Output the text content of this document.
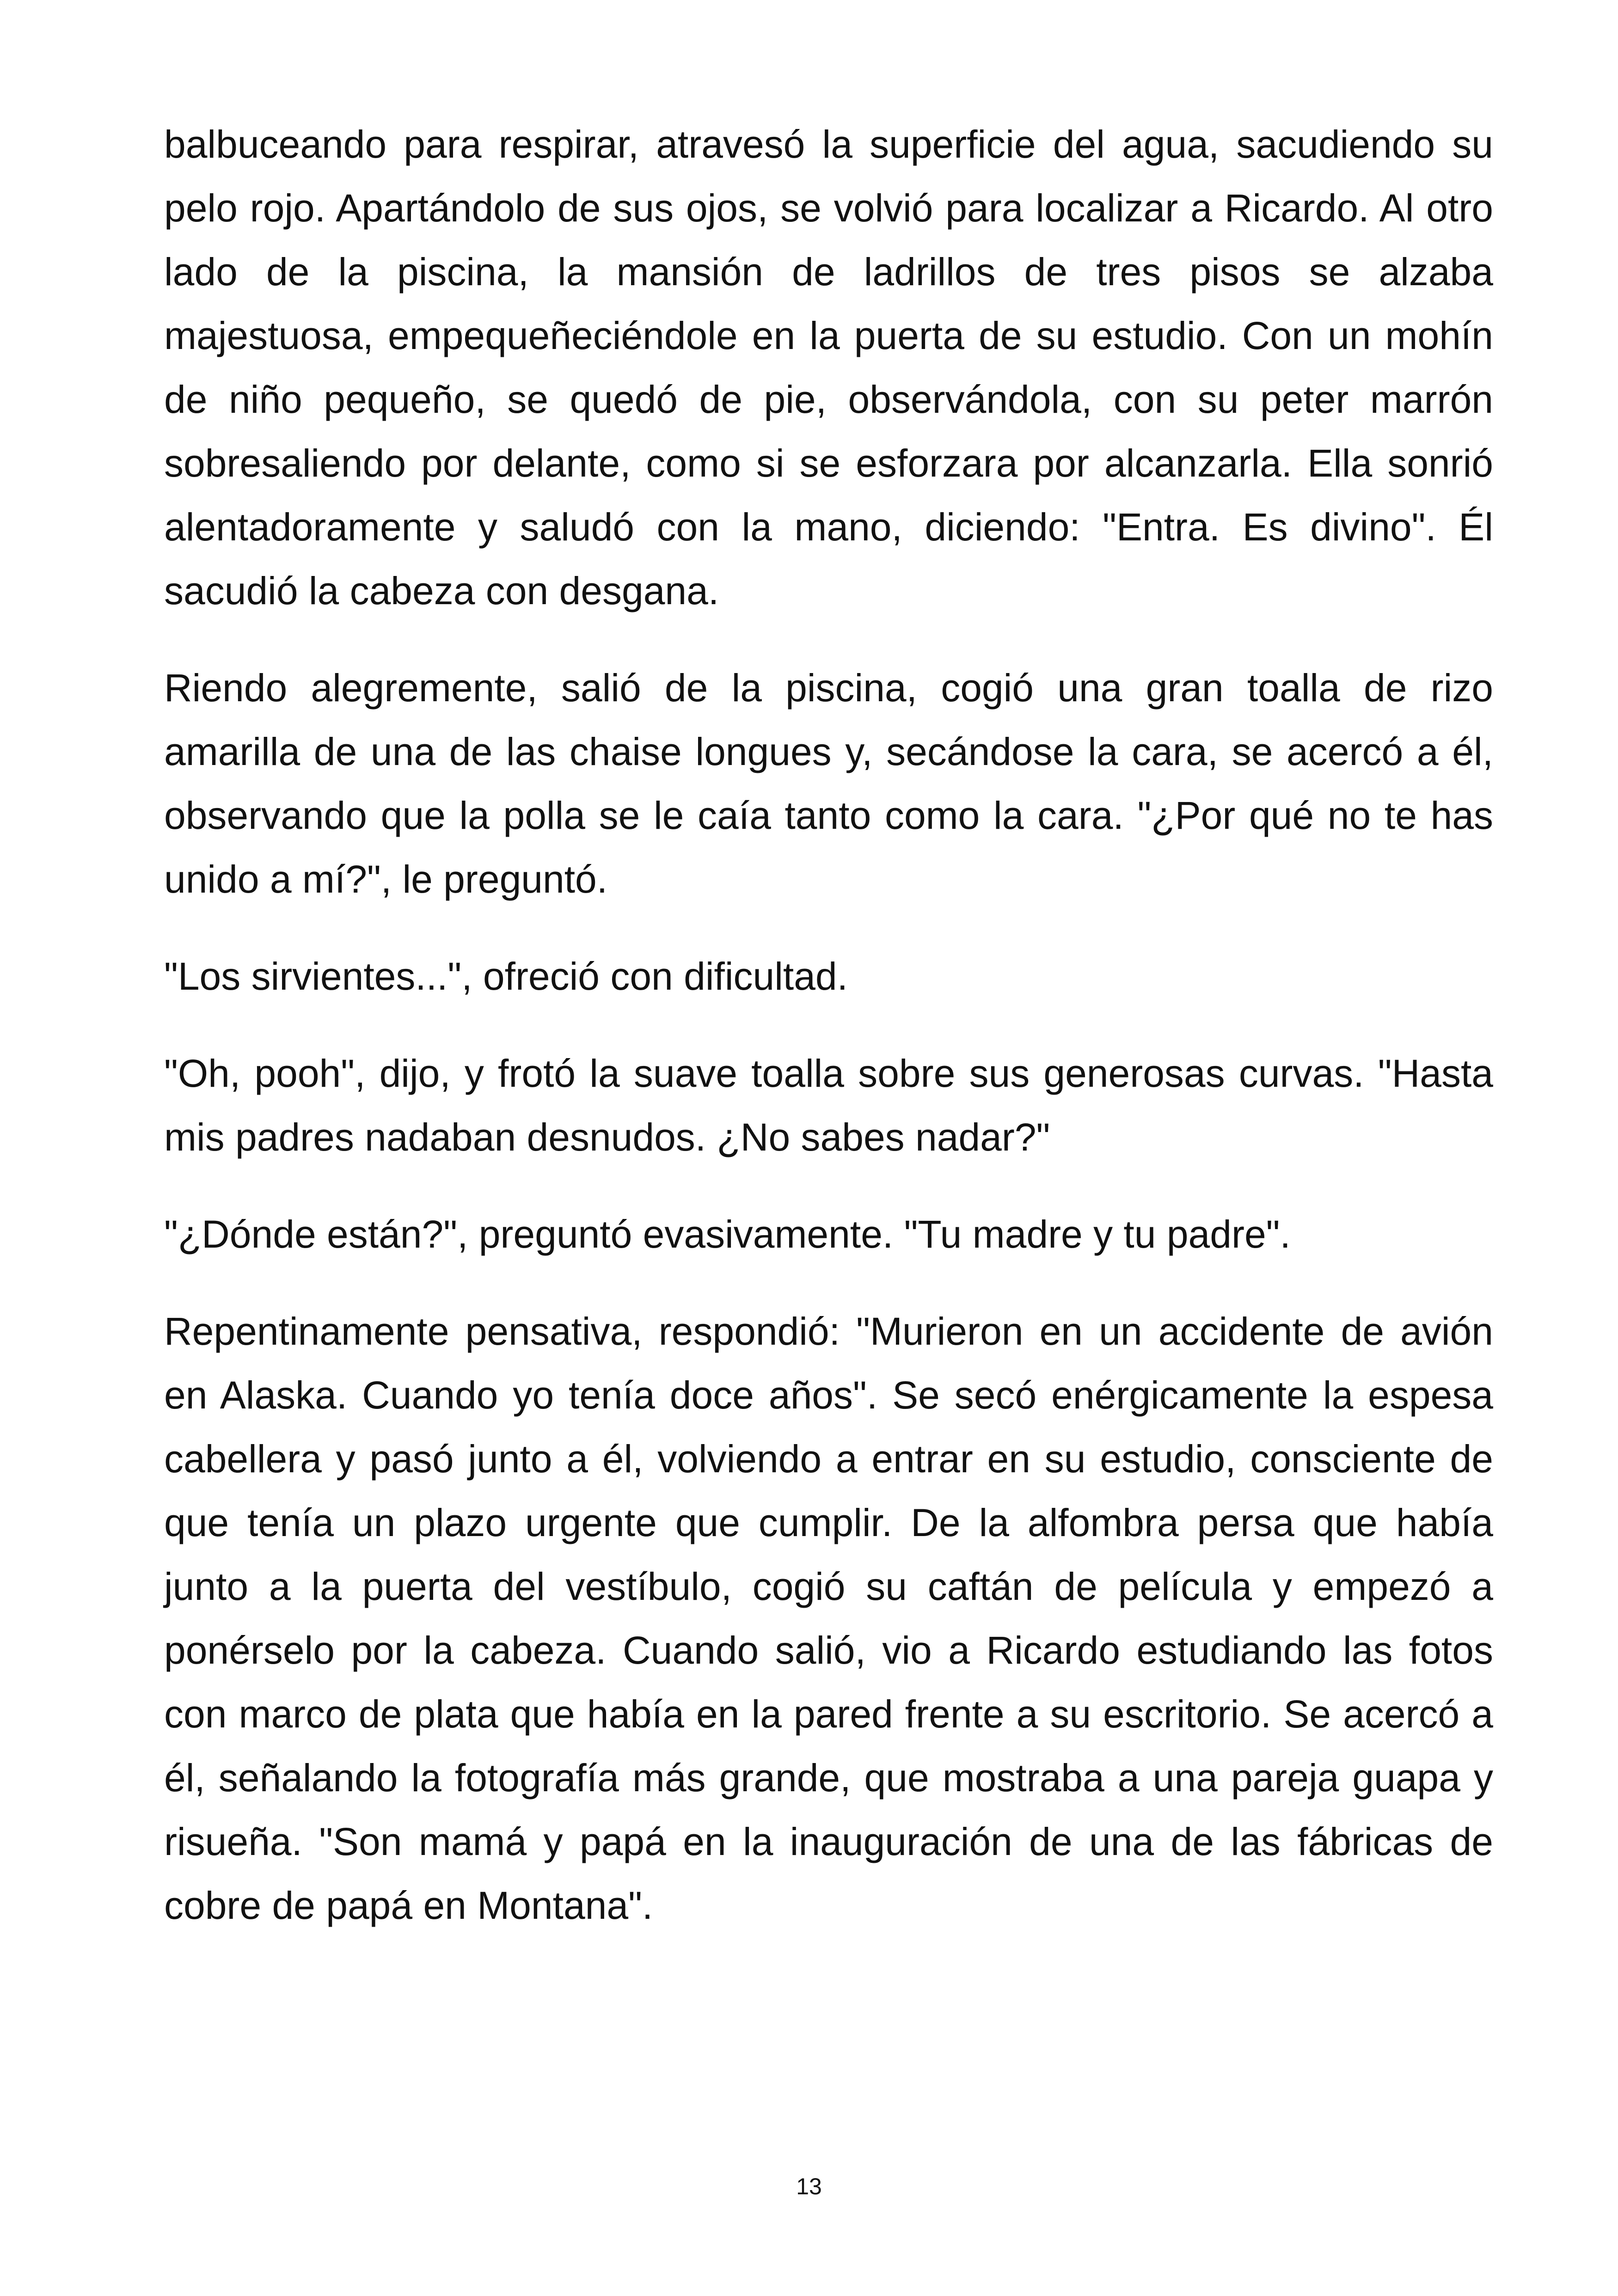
balbuceando para respirar, atravesó la superficie del agua, sacudiendo su pelo rojo. Apartándolo de sus ojos, se volvió para localizar a Ricardo. Al otro lado de la piscina, la mansión de ladrillos de tres pisos se alzaba majestuosa, empequeñeciéndole en la puerta de su estudio. Con un mohín de niño pequeño, se quedó de pie, observándola, con su peter marrón sobresaliendo por delante, como si se esforzara por alcanzarla. Ella sonrió alentadoramente y saludó con la mano, diciendo: "Entra. Es divino". Él sacudió la cabeza con desgana.

Riendo alegremente, salió de la piscina, cogió una gran toalla de rizo amarilla de una de las chaise longues y, secándose la cara, se acercó a él, observando que la polla se le caía tanto como la cara. "¿Por qué no te has unido a mí?", le preguntó.

"Los sirvientes...", ofreció con dificultad.

"Oh, pooh", dijo, y frotó la suave toalla sobre sus generosas curvas. "Hasta mis padres nadaban desnudos. ¿No sabes nadar?"

"¿Dónde están?", preguntó evasivamente. "Tu madre y tu padre".

Repentinamente pensativa, respondió: "Murieron en un accidente de avión en Alaska. Cuando yo tenía doce años". Se secó enérgicamente la espesa cabellera y pasó junto a él, volviendo a entrar en su estudio, consciente de que tenía un plazo urgente que cumplir. De la alfombra persa que había junto a la puerta del vestíbulo, cogió su caftán de película y empezó a ponérselo por la cabeza. Cuando salió, vio a Ricardo estudiando las fotos con marco de plata que había en la pared frente a su escritorio. Se acercó a él, señalando la fotografía más grande, que mostraba a una pareja guapa y risueña. "Son mamá y papá en la inauguración de una de las fábricas de cobre de papá en Montana".

13
